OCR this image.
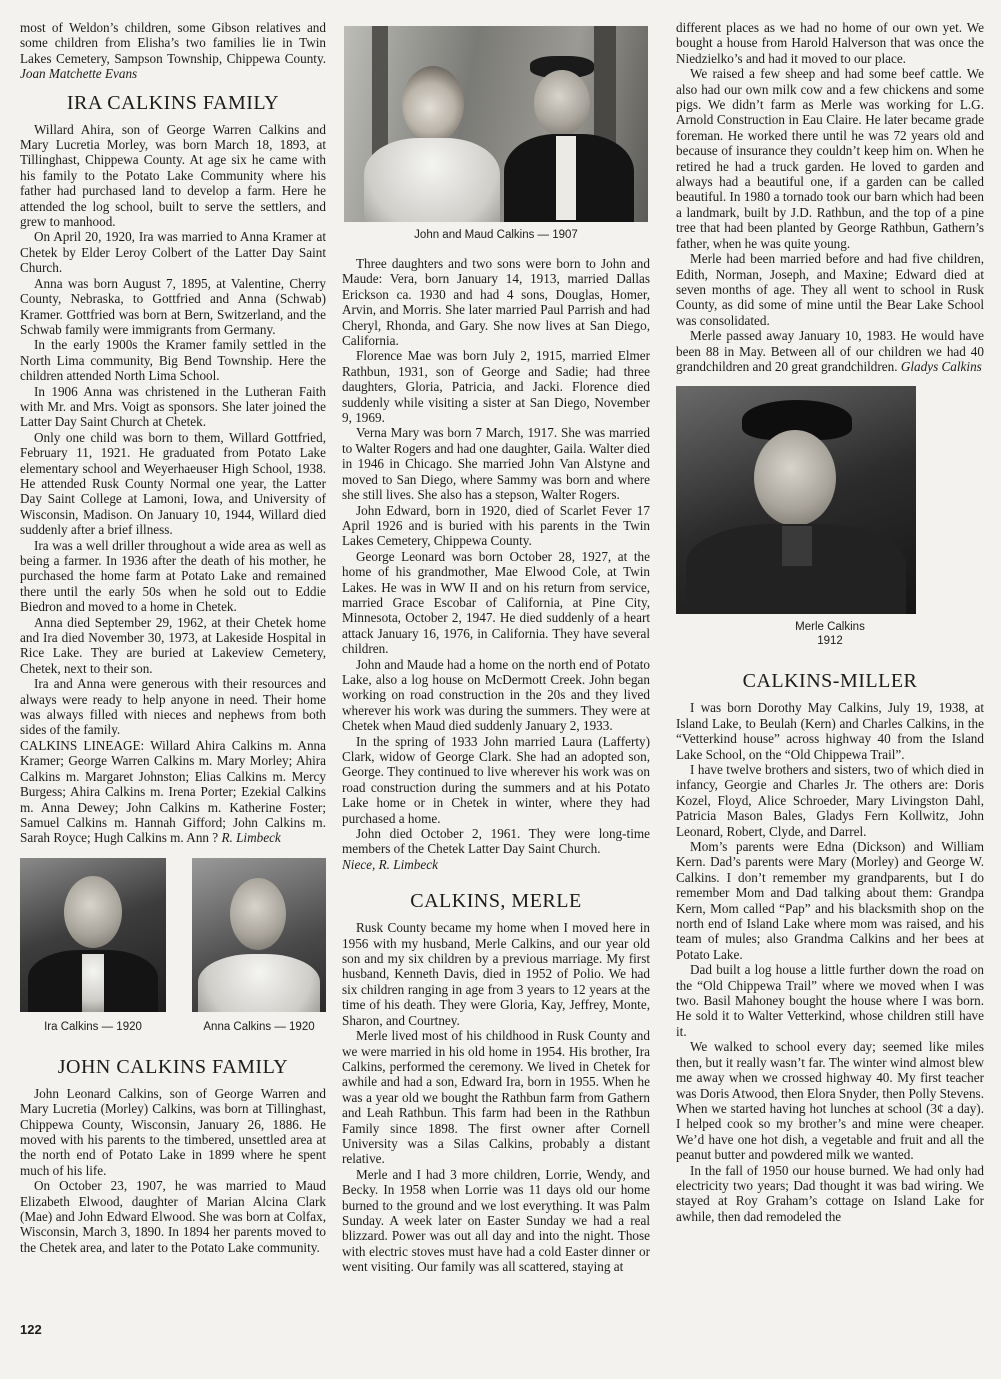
most of Weldon’s children, some Gibson relatives and some children from Elisha’s two families lie in Twin Lakes Cemetery, Sampson Township, Chippewa County. Joan Matchette Evans

IRA CALKINS FAMILY

Willard Ahira, son of George Warren Calkins and Mary Lucretia Morley, was born March 18, 1893, at Tillinghast, Chippewa County. At age six he came with his family to the Potato Lake Community where his father had purchased land to develop a farm. Here he attended the log school, built to serve the settlers, and grew to manhood.

On April 20, 1920, Ira was married to Anna Kramer at Chetek by Elder Leroy Colbert of the Latter Day Saint Church.

Anna was born August 7, 1895, at Valentine, Cherry County, Nebraska, to Gottfried and Anna (Schwab) Kramer. Gottfried was born at Bern, Switzerland, and the Schwab family were immigrants from Germany.

In the early 1900s the Kramer family settled in the North Lima community, Big Bend Township. Here the children attended North Lima School.

In 1906 Anna was christened in the Lutheran Faith with Mr. and Mrs. Voigt as sponsors. She later joined the Latter Day Saint Church at Chetek.

Only one child was born to them, Willard Gottfried, February 11, 1921. He graduated from Potato Lake elementary school and Weyerhaeuser High School, 1938. He attended Rusk County Normal one year, the Latter Day Saint College at Lamoni, Iowa, and University of Wisconsin, Madison. On January 10, 1944, Willard died suddenly after a brief illness.

Ira was a well driller throughout a wide area as well as being a farmer. In 1936 after the death of his mother, he purchased the home farm at Potato Lake and remained there until the early 50s when he sold out to Eddie Biedron and moved to a home in Chetek.

Anna died September 29, 1962, at their Chetek home and Ira died November 30, 1973, at Lakeside Hospital in Rice Lake. They are buried at Lakeview Cemetery, Chetek, next to their son.

Ira and Anna were generous with their resources and always were ready to help anyone in need. Their home was always filled with nieces and nephews from both sides of the family.

CALKINS LINEAGE: Willard Ahira Calkins m. Anna Kramer; George Warren Calkins m. Mary Morley; Ahira Calkins m. Margaret Johnston; Elias Calkins m. Mercy Burgess; Ahira Calkins m. Irena Porter; Ezekial Calkins m. Anna Dewey; John Calkins m. Katherine Foster; Samuel Calkins m. Hannah Gifford; John Calkins m. Sarah Royce; Hugh Calkins m. Ann ? R. Limbeck

Ira Calkins — 1920	Anna Calkins — 1920
JOHN CALKINS FAMILY

John Leonard Calkins, son of George Warren and Mary Lucretia (Morley) Calkins, was born at Tillinghast, Chippewa County, Wisconsin, January 26, 1886. He moved with his parents to the timbered, unsettled area at the north end of Potato Lake in 1899 where he spent much of his life.

On October 23, 1907, he was married to Maud Elizabeth Elwood, daughter of Marian Alcina Clark (Mae) and John Edward Elwood. She was born at Colfax, Wisconsin, March 3, 1890. In 1894 her parents moved to the Chetek area, and later to the Potato Lake community.

John and Maud Calkins — 1907

Three daughters and two sons were born to John and Maude: Vera, born January 14, 1913, married Dallas Erickson ca. 1930 and had 4 sons, Douglas, Homer, Arvin, and Morris. She later married Paul Parrish and had Cheryl, Rhonda, and Gary. She now lives at San Diego, California.

Florence Mae was born July 2, 1915, married Elmer Rathbun, 1931, son of George and Sadie; had three daughters, Gloria, Patricia, and Jacki. Florence died suddenly while visiting a sister at San Diego, November 9, 1969.

Verna Mary was born 7 March, 1917. She was married to Walter Rogers and had one daughter, Gaila. Walter died in 1946 in Chicago. She married John Van Alstyne and moved to San Diego, where Sammy was born and where she still lives. She also has a stepson, Walter Rogers.

John Edward, born in 1920, died of Scarlet Fever 17 April 1926 and is buried with his parents in the Twin Lakes Cemetery, Chippewa County.

George Leonard was born October 28, 1927, at the home of his grandmother, Mae Elwood Cole, at Twin Lakes. He was in WW II and on his return from service, married Grace Escobar of California, at Pine City, Minnesota, October 2, 1947. He died suddenly of a heart attack January 16, 1976, in California. They have several children.

John and Maude had a home on the north end of Potato Lake, also a log house on McDermott Creek. John began working on road construction in the 20s and they lived wherever his work was during the summers. They were at Chetek when Maud died suddenly January 2, 1933.

In the spring of 1933 John married Laura (Lafferty) Clark, widow of George Clark. She had an adopted son, George. They continued to live wherever his work was on road construction during the summers and at his Potato Lake home or in Chetek in winter, where they had purchased a home.

John died October 2, 1961. They were long-time members of the Chetek Latter Day Saint Church.

Niece, R. Limbeck

CALKINS, MERLE

Rusk County became my home when I moved here in 1956 with my husband, Merle Calkins, and our year old son and my six children by a previous marriage. My first husband, Kenneth Davis, died in 1952 of Polio. We had six children ranging in age from 3 years to 12 years at the time of his death. They were Gloria, Kay, Jeffrey, Monte, Sharon, and Courtney.

Merle lived most of his childhood in Rusk County and we were married in his old home in 1954. His brother, Ira Calkins, performed the ceremony. We lived in Chetek for awhile and had a son, Edward Ira, born in 1955. When he was a year old we bought the Rathbun farm from Gathern and Leah Rathbun. This farm had been in the Rathbun Family since 1898. The first owner after Cornell University was a Silas Calkins, probably a distant relative.

Merle and I had 3 more children, Lorrie, Wendy, and Becky. In 1958 when Lorrie was 11 days old our home burned to the ground and we lost everything. It was Palm Sunday. A week later on Easter Sunday we had a real blizzard. Power was out all day and into the night. Those with electric stoves must have had a cold Easter dinner or went visiting. Our family was all scattered, staying at

different places as we had no home of our own yet. We bought a house from Harold Halverson that was once the Niedzielko’s and had it moved to our place.

We raised a few sheep and had some beef cattle. We also had our own milk cow and a few chickens and some pigs. We didn’t farm as Merle was working for L.G. Arnold Construction in Eau Claire. He later became grade foreman. He worked there until he was 72 years old and because of insurance they couldn’t keep him on. When he retired he had a truck garden. He loved to garden and always had a beautiful one, if a garden can be called beautiful. In 1980 a tornado took our barn which had been a landmark, built by J.D. Rathbun, and the top of a pine tree that had been planted by George Rathbun, Gathern’s father, when he was quite young.

Merle had been married before and had five children, Edith, Norman, Joseph, and Maxine; Edward died at seven months of age. They all went to school in Rusk County, as did some of mine until the Bear Lake School was consolidated.

Merle passed away January 10, 1983. He would have been 88 in May. Between all of our children we had 40 grandchildren and 20 great grandchildren. Gladys Calkins

Merle Calkins
1912
CALKINS-MILLER

I was born Dorothy May Calkins, July 19, 1938, at Island Lake, to Beulah (Kern) and Charles Calkins, in the “Vetterkind house” across highway 40 from the Island Lake School, on the “Old Chippewa Trail”.

I have twelve brothers and sisters, two of which died in infancy, Georgie and Charles Jr. The others are: Doris Kozel, Floyd, Alice Schroeder, Mary Livingston Dahl, Patricia Mason Bales, Gladys Fern Kollwitz, John Leonard, Robert, Clyde, and Darrel.

Mom’s parents were Edna (Dickson) and William Kern. Dad’s parents were Mary (Morley) and George W. Calkins. I don’t remember my grandparents, but I do remember Mom and Dad talking about them: Grandpa Kern, Mom called “Pap” and his blacksmith shop on the north end of Island Lake where mom was raised, and his team of mules; also Grandma Calkins and her bees at Potato Lake.

Dad built a log house a little further down the road on the “Old Chippewa Trail” where we moved when I was two. Basil Mahoney bought the house where I was born. He sold it to Walter Vetterkind, whose children still have it.

We walked to school every day; seemed like miles then, but it really wasn’t far. The winter wind almost blew me away when we crossed highway 40. My first teacher was Doris Atwood, then Elora Snyder, then Polly Stevens. When we started having hot lunches at school (3¢ a day). I helped cook so my brother’s and mine were cheaper. We’d have one hot dish, a vegetable and fruit and all the peanut butter and powdered milk we wanted.

In the fall of 1950 our house burned. We had only had electricity two years; Dad thought it was bad wiring. We stayed at Roy Graham’s cottage on Island Lake for awhile, then dad remodeled the

122
